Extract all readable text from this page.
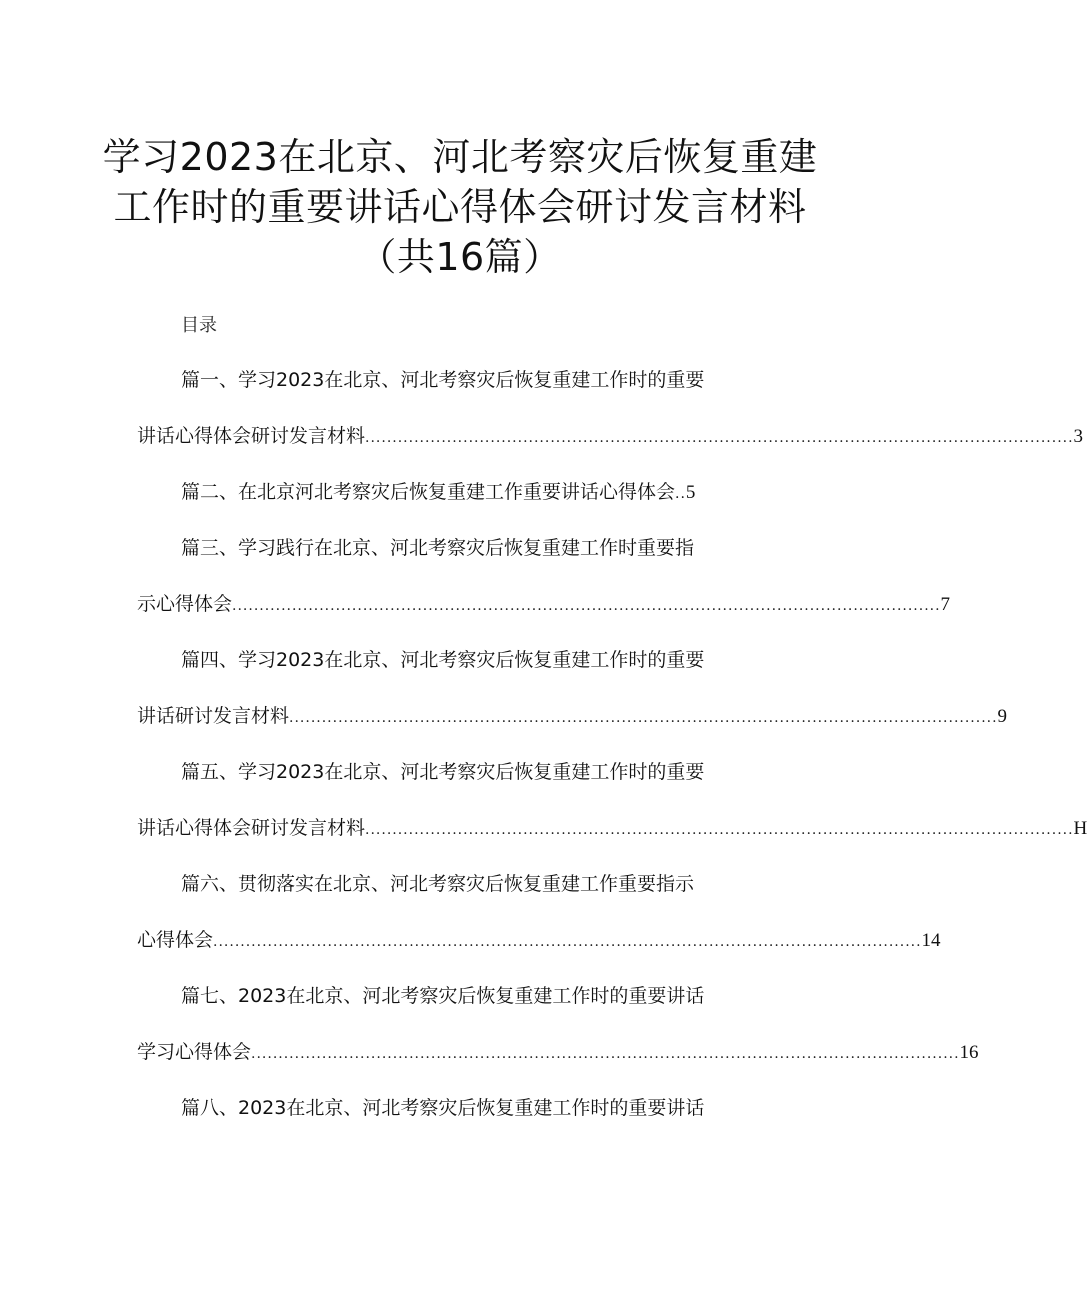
学习2023在北京、河北考察灾后恢复重建
工作时的重要讲话心得体会研讨发言材料
（共16篇）
目录
篇一、学习2023在北京、河北考察灾后恢复重建工作时的重要
讲话心得体会研讨发言材料 .................................................................................................................................. 3
篇二、在北京河北考察灾后恢复重建工作重要讲话心得体会 .. 5
篇三、学习践行在北京、河北考察灾后恢复重建工作时重要指
示心得体会 .................................................................................................................................. 7
篇四、学习2023在北京、河北考察灾后恢复重建工作时的重要
讲话研讨发言材料 .................................................................................................................................. 9
篇五、学习2023在北京、河北考察灾后恢复重建工作时的重要
讲话心得体会研讨发言材料 .................................................................................................................................. H
篇六、贯彻落实在北京、河北考察灾后恢复重建工作重要指示
心得体会 .................................................................................................................................. 14
篇七、2023在北京、河北考察灾后恢复重建工作时的重要讲话
学习心得体会 .................................................................................................................................. 16
篇八、2023在北京、河北考察灾后恢复重建工作时的重要讲话
